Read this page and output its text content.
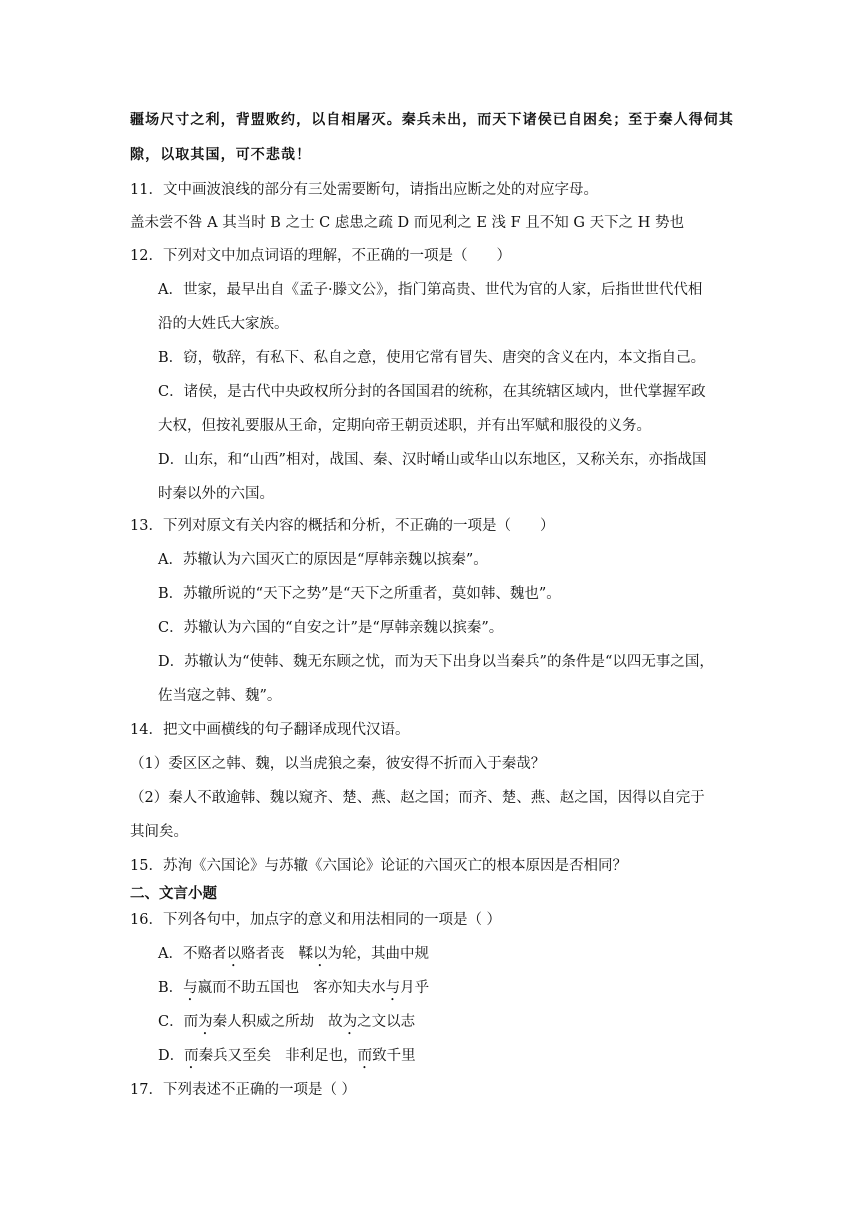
疆场尺寸之利，背盟败约，以自相屠灭。秦兵未出，而天下诸侯已自困矣；至于秦人得伺其
隙，以取其国，可不悲哉！
11．文中画波浪线的部分有三处需要断句，请指出应断之处的对应字母。
盖未尝不咎 A 其当时 B 之士 C 虑患之疏 D 而见利之 E 浅 F 且不知 G 天下之 H 势也
12．下列对文中加点词语的理解，不正确的一项是（　　）
A．世家，最早出自《孟子·滕文公》，指门第高贵、世代为官的人家，后指世世代代相
沿的大姓氏大家族。
B．窃，敬辞，有私下、私自之意，使用它常有冒失、唐突的含义在内，本文指自己。
C．诸侯，是古代中央政权所分封的各国国君的统称，在其统辖区域内，世代掌握军政
大权，但按礼要服从王命，定期向帝王朝贡述职，并有出军赋和服役的义务。
D．山东，和“山西”相对，战国、秦、汉时崤山或华山以东地区，又称关东，亦指战国
时秦以外的六国。
13．下列对原文有关内容的概括和分析，不正确的一项是（　　）
A．苏辙认为六国灭亡的原因是“厚韩亲魏以摈秦”。
B．苏辙所说的“天下之势”是“天下之所重者，莫如韩、魏也”。
C．苏辙认为六国的“自安之计”是“厚韩亲魏以摈秦”。
D．苏辙认为“使韩、魏无东顾之忧，而为天下出身以当秦兵”的条件是“以四无事之国，
佐当寇之韩、魏”。
14．把文中画横线的句子翻译成现代汉语。
（1）委区区之韩、魏，以当虎狼之秦，彼安得不折而入于秦哉？
（2）秦人不敢逾韩、魏以窥齐、楚、燕、赵之国；而齐、楚、燕、赵之国，因得以自完于
其间矣。
15．苏洵《六国论》与苏辙《六国论》论证的六国灭亡的根本原因是否相同？
二、文言小题
16．下列各句中，加点字的意义和用法相同的一项是（ ）
A．不赂者以赂者丧 鞣以为轮，其曲中规
B．与嬴而不助五国也 客亦知夫水与月乎
C．而为秦人积威之所劫 故为之文以志
D．而秦兵又至矣 非利足也，而致千里
17．下列表述不正确的一项是（ ）
